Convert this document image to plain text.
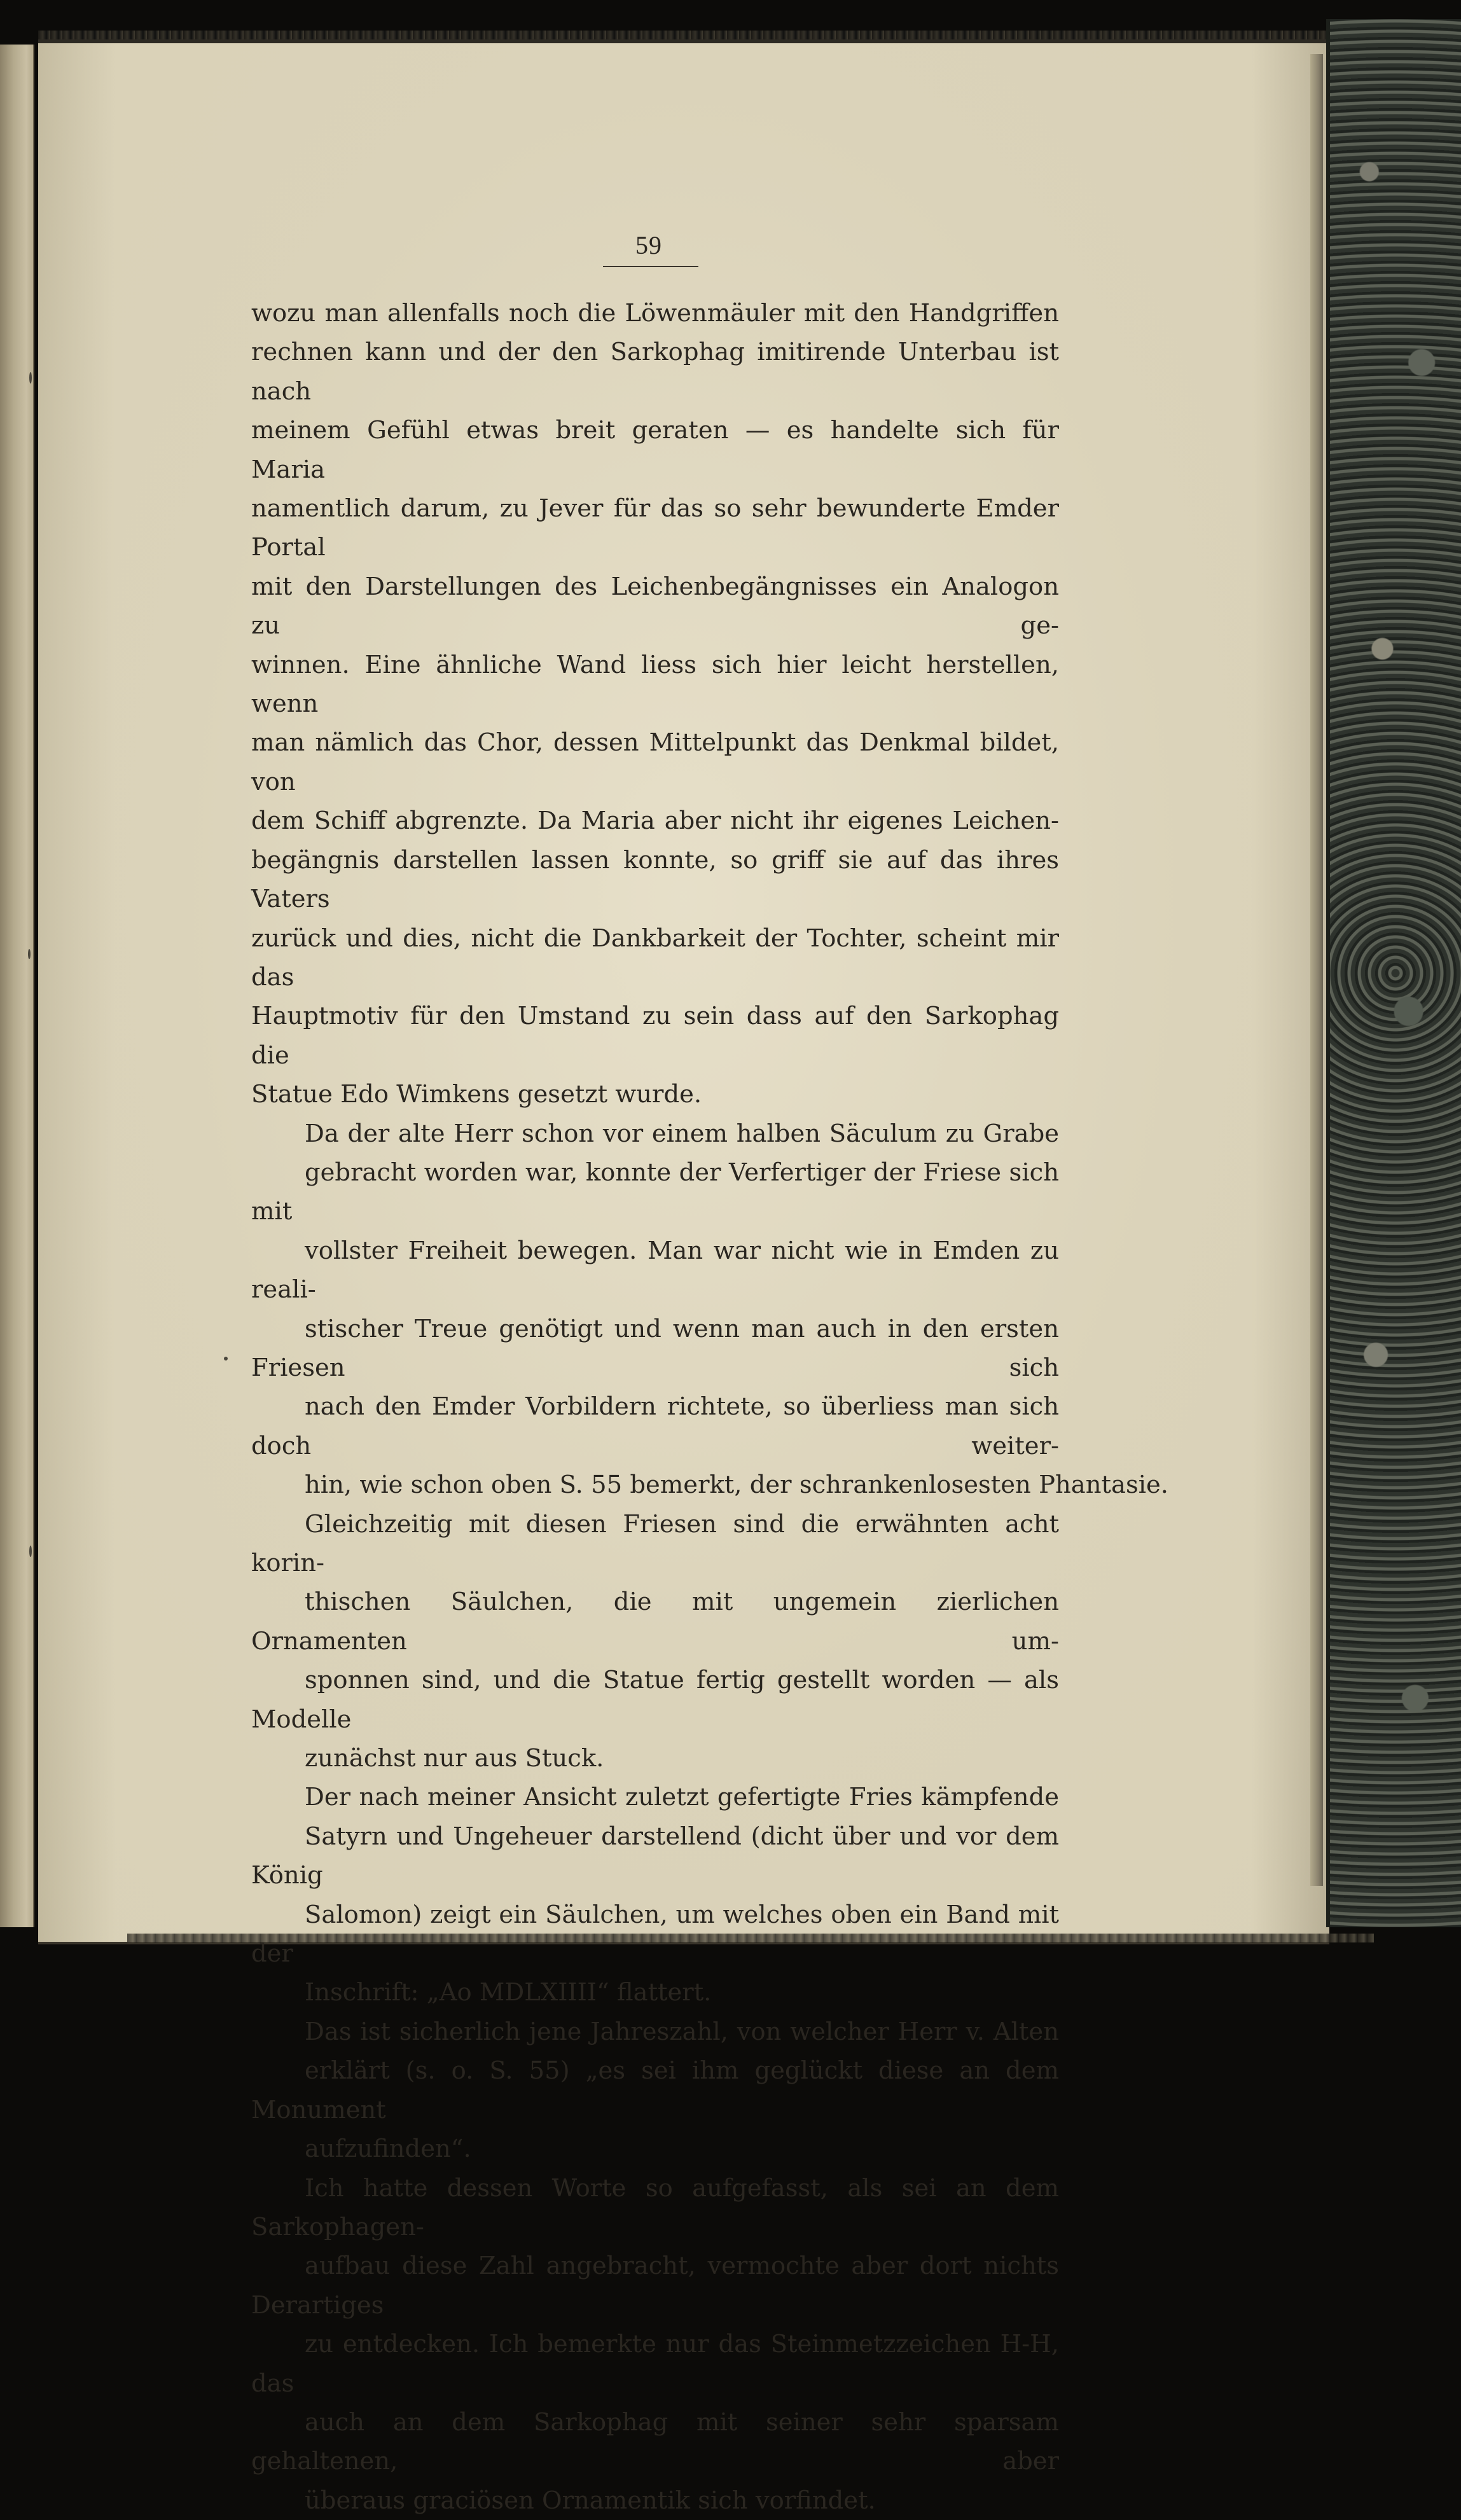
59

wozu man allenfalls noch die Löwenmäuler mit den Handgriffen
rechnen kann und der den Sarkophag imitirende Unterbau ist nach
meinem Gefühl etwas breit geraten — es handelte sich für Maria
namentlich darum, zu Jever für das so sehr bewunderte Emder Portal
mit den Darstellungen des Leichenbegängnisses ein Analogon zu ge-
winnen. Eine ähnliche Wand liess sich hier leicht herstellen, wenn
man nämlich das Chor, dessen Mittelpunkt das Denkmal bildet, von
dem Schiff abgrenzte. Da Maria aber nicht ihr eigenes Leichen-
begängnis darstellen lassen konnte, so griff sie auf das ihres Vaters
zurück und dies, nicht die Dankbarkeit der Tochter, scheint mir das
Hauptmotiv für den Umstand zu sein dass auf den Sarkophag die
Statue Edo Wimkens gesetzt wurde.

Da der alte Herr schon vor einem halben Säculum zu Grabe
gebracht worden war, konnte der Verfertiger der Friese sich mit
vollster Freiheit bewegen. Man war nicht wie in Emden zu reali-
stischer Treue genötigt und wenn man auch in den ersten Friesen sich
nach den Emder Vorbildern richtete, so überliess man sich doch weiter-
hin, wie schon oben S. 55 bemerkt, der schrankenlosesten Phantasie.

Gleichzeitig mit diesen Friesen sind die erwähnten acht korin-
thischen Säulchen, die mit ungemein zierlichen Ornamenten um-
sponnen sind, und die Statue fertig gestellt worden — als Modelle
zunächst nur aus Stuck.

Der nach meiner Ansicht zuletzt gefertigte Fries kämpfende
Satyrn und Ungeheuer darstellend (dicht über und vor dem König
Salomon) zeigt ein Säulchen, um welches oben ein Band mit der
Inschrift: „Ao MDLXIIII“ flattert.

Das ist sicherlich jene Jahreszahl, von welcher Herr v. Alten
erklärt (s. o. S. 55) „es sei ihm geglückt diese an dem Monument
aufzufinden“.

Ich hatte dessen Worte so aufgefasst, als sei an dem Sarkophagen-
aufbau diese Zahl angebracht, vermochte aber dort nichts Derartiges
zu entdecken. Ich bemerkte nur das Steinmetzzeichen H-H, das
auch an dem Sarkophag mit seiner sehr sparsam gehaltenen, aber
überaus graciösen Ornamentik sich vorfindet.
